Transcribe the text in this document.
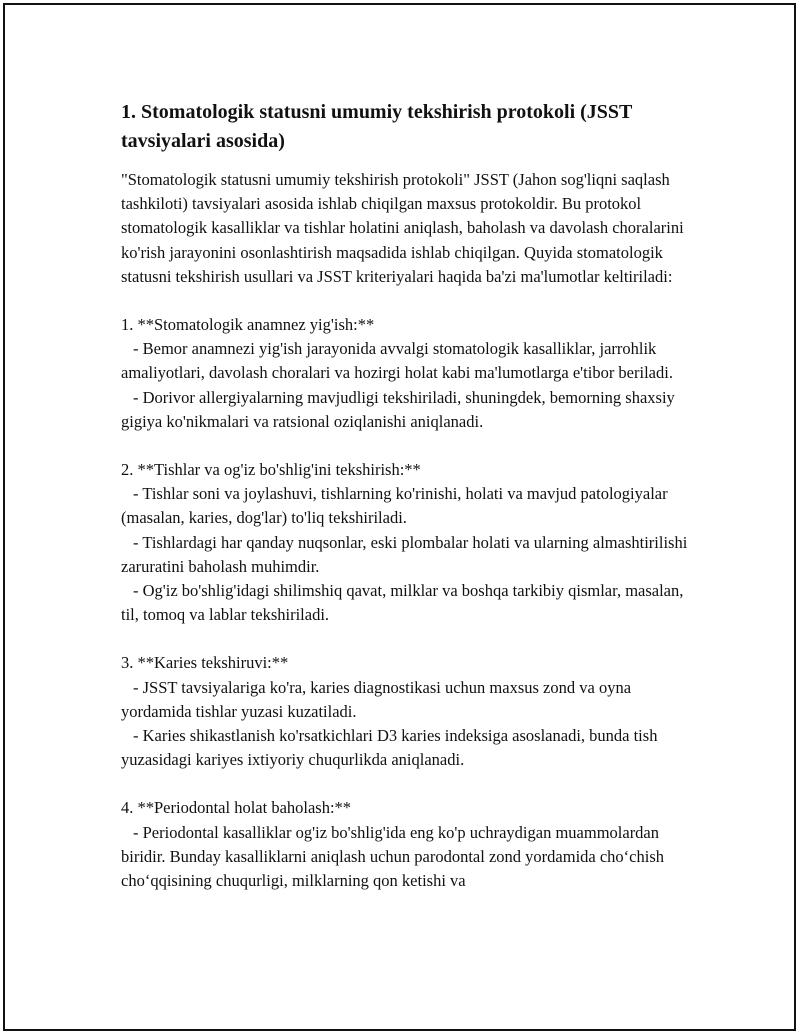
1. Stomatologik statusni umumiy tekshirish protokoli (JSST tavsiyalari asosida)

"Stomatologik statusni umumiy tekshirish protokoli" JSST (Jahon sog'liqni saqlash tashkiloti) tavsiyalari asosida ishlab chiqilgan maxsus protokoldir. Bu protokol stomatologik kasalliklar va tishlar holatini aniqlash, baholash va davolash choralarini ko'rish jarayonini osonlashtirish maqsadida ishlab chiqilgan. Quyida stomatologik statusni tekshirish usullari va JSST kriteriyalari haqida ba'zi ma'lumotlar keltiriladi:

1. **Stomatologik anamnez yig'ish:**

- Bemor anamnezi yig'ish jarayonida avvalgi stomatologik kasalliklar, jarrohlik amaliyotlari, davolash choralari va hozirgi holat kabi ma'lumotlarga e'tibor beriladi.

- Dorivor allergiyalarning mavjudligi tekshiriladi, shuningdek, bemorning shaxsiy gigiya ko'nikmalari va ratsional oziqlanishi aniqlanadi.

2. **Tishlar va og'iz bo'shlig'ini tekshirish:**

- Tishlar soni va joylashuvi, tishlarning ko'rinishi, holati va mavjud patologiyalar (masalan, karies, dog'lar) to'liq tekshiriladi.

- Tishlardagi har qanday nuqsonlar, eski plombalar holati va ularning almashtirilishi zaruratini baholash muhimdir.

- Og'iz bo'shlig'idagi shilimshiq qavat, milklar va boshqa tarkibiy qismlar, masalan, til, tomoq va lablar tekshiriladi.

3. **Karies tekshiruvi:**

- JSST tavsiyalariga ko'ra, karies diagnostikasi uchun maxsus zond va oyna yordamida tishlar yuzasi kuzatiladi.

- Karies shikastlanish ko'rsatkichlari D3 karies indeksiga asoslanadi, bunda tish yuzasidagi kariyes ixtiyoriy chuqurlikda aniqlanadi.

4. **Periodontal holat baholash:**

- Periodontal kasalliklar og'iz bo'shlig'ida eng ko'p uchraydigan muammolardan biridir. Bunday kasalliklarni aniqlash uchun parodontal zond yordamida cho‘chish cho‘qqisining chuqurligi, milklarning qon ketishi va
